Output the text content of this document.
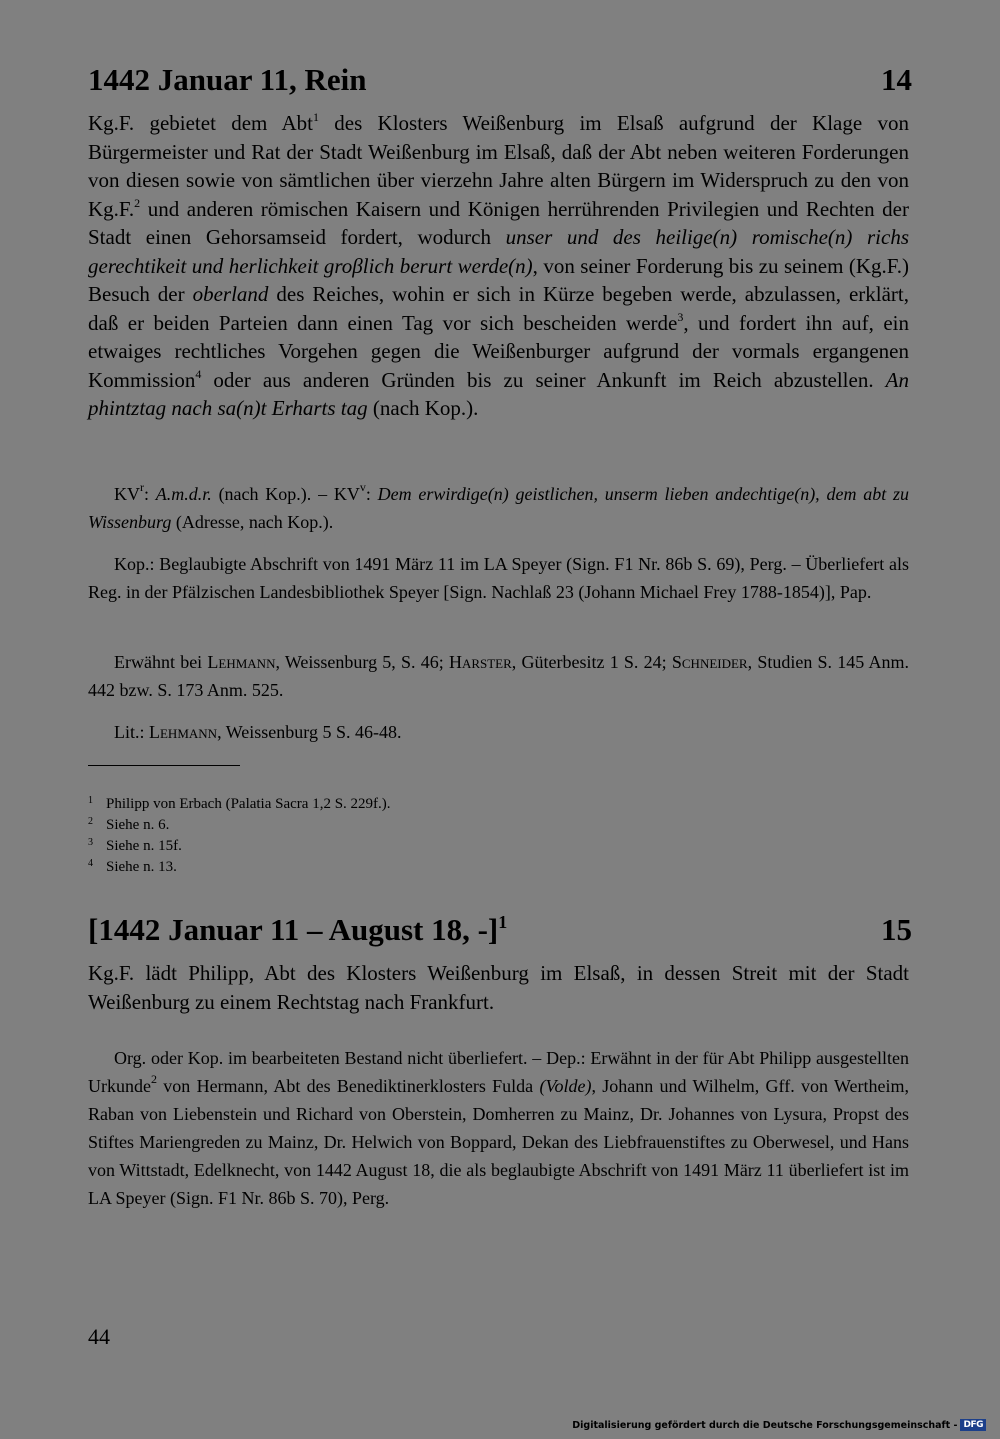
1442 Januar 11, Rein	14

Kg.F. gebietet dem Abt$^1$ des Klosters Weißenburg im Elsaß aufgrund der Klage von Bürgermeister und Rat der Stadt Weißenburg im Elsaß, daß der Abt neben weiteren Forderungen von diesen sowie von sämtlichen über vierzehn Jahre alten Bürgern im Widerspruch zu den von Kg.F.$^2$ und anderen römischen Kaisern und Königen herrührenden Privilegien und Rechten der Stadt einen Gehorsamseid fordert, wodurch unser und des heilige(n) romische(n) richs gerechtikeit und herlichkeit groβlich berurt werde(n), von seiner Forderung bis zu seinem (Kg.F.) Besuch der oberland des Reiches, wohin er sich in Kürze begeben werde, abzulassen, erklärt, daß er beiden Parteien dann einen Tag vor sich bescheiden werde$^3$, und fordert ihn auf, ein etwaiges rechtliches Vorgehen gegen die Weißenburger aufgrund der vormals ergangenen Kommission$^4$ oder aus anderen Gründen bis zu seiner Ankunft im Reich abzustellen. An phintztag nach sa(n)t Erharts tag (nach Kop.).

KV$^r$: A.m.d.r. (nach Kop.). – KV$^v$: Dem erwirdige(n) geistlichen, unserm lieben andechtige(n), dem abt zu Wissenburg (Adresse, nach Kop.).

Kop.: Beglaubigte Abschrift von 1491 März 11 im LA Speyer (Sign. F1 Nr. 86b S. 69), Perg. – Überliefert als Reg. in der Pfälzischen Landesbibliothek Speyer [Sign. Nachlaß 23 (Johann Michael Frey 1788-1854)], Pap.

Erwähnt bei Lehmann, Weissenburg 5, S. 46; Harster, Güterbesitz 1 S. 24; Schneider, Studien S. 145 Anm. 442 bzw. S. 173 Anm. 525.

Lit.: Lehmann, Weissenburg 5 S. 46-48.

1 Philipp von Erbach (Palatia Sacra 1,2 S. 229f.).
2 Siehe n. 6.
3 Siehe n. 15f.
4 Siehe n. 13.
[1442 Januar 11 – August 18, -]$^1$	15

Kg.F. lädt Philipp, Abt des Klosters Weißenburg im Elsaß, in dessen Streit mit der Stadt Weißenburg zu einem Rechtstag nach Frankfurt.

Org. oder Kop. im bearbeiteten Bestand nicht überliefert. – Dep.: Erwähnt in der für Abt Philipp ausgestellten Urkunde$^2$ von Hermann, Abt des Benediktinerklosters Fulda (Volde), Johann und Wilhelm, Gff. von Wertheim, Raban von Liebenstein und Richard von Oberstein, Domherren zu Mainz, Dr. Johannes von Lysura, Propst des Stiftes Mariengreden zu Mainz, Dr. Helwich von Boppard, Dekan des Liebfrauenstiftes zu Oberwesel, und Hans von Wittstadt, Edelknecht, von 1442 August 18, die als beglaubigte Abschrift von 1491 März 11 überliefert ist im LA Speyer (Sign. F1 Nr. 86b S. 70), Perg.

44
Digitalisierung gefördert durch die Deutsche Forschungsgemeinschaft - DFG
